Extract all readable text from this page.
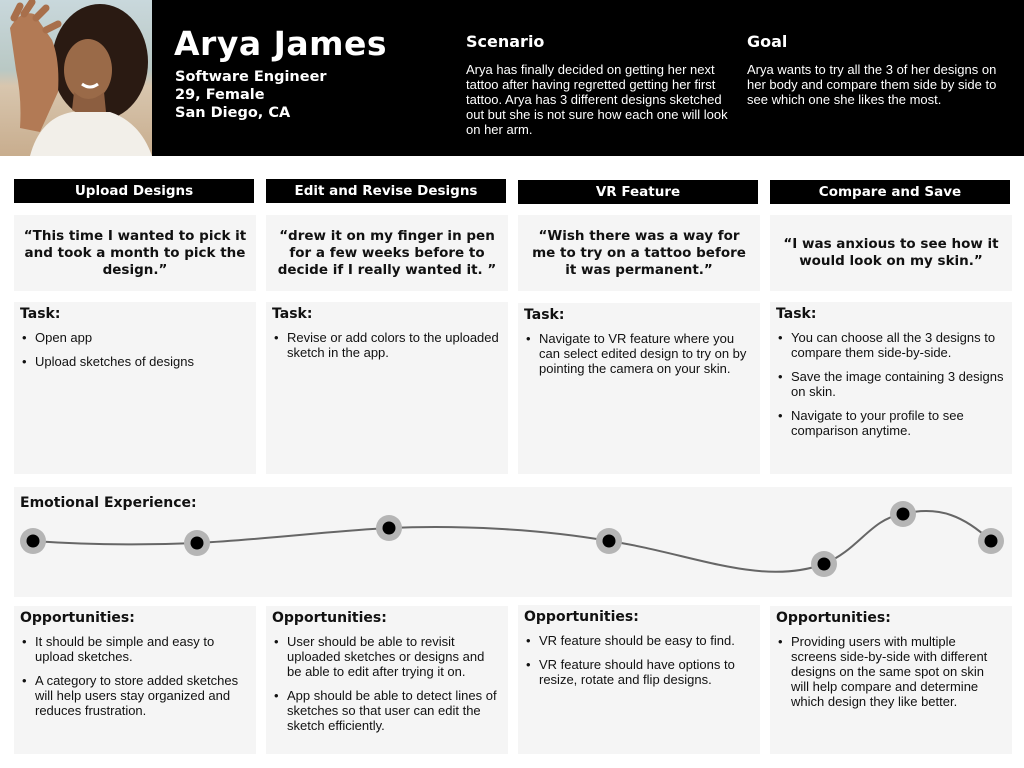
Arya James
Software Engineer
29, Female
San Diego, CA
Scenario
Arya has finally decided on getting her next tattoo after having regretted getting her first tattoo. Arya has 3 different designs sketched out but she is not sure how each one will look on her arm.
Goal
Arya wants to try all the 3 of her designs on her body and compare them side by side to see which one she likes the most.
Upload Designs	Edit and Revise Designs	VR Feature	Compare and Save
“This time I wanted to pick it and took a month to pick the design.”
“drew it on my finger in pen for a few weeks before to decide if I really wanted it. ”
“Wish there was a way for me to try on a tattoo before it was permanent.”
“I was anxious to see how it would look on my skin.”
Task:
• Open app
• Upload sketches of designs
Task:
• Revise or add colors to the uploaded sketch in the app.
Task:
• Navigate to VR feature where you can select edited design to try on by pointing the camera on your skin.
Task:
• You can choose all the 3 designs to compare them side-by-side.
• Save the image containing 3 designs on skin.
• Navigate to your profile to see comparison anytime.
Emotional Experience:
Opportunities:
• It should be simple and easy to upload sketches.
• A category to store added sketches will help users stay organized and reduces frustration.
Opportunities:
• User should be able to revisit uploaded sketches or designs and be able to edit after trying it on.
• App should be able to detect lines of sketches so that user can edit the sketch efficiently.
Opportunities:
• VR feature should be easy to find.
• VR feature should have options to resize, rotate and flip designs.
Opportunities:
• Providing users with multiple screens side-by-side with different designs on the same spot on skin will help compare and determine which design they like better.
